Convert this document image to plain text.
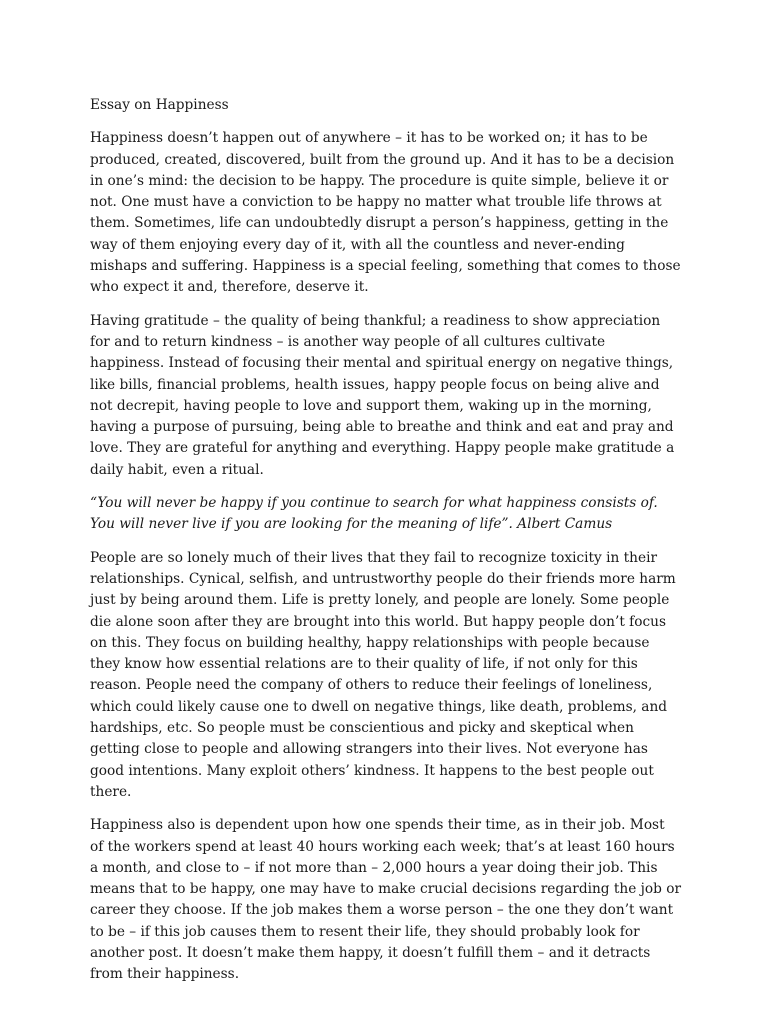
Essay on Happiness

Happiness doesn’t happen out of anywhere – it has to be worked on; it has to be produced, created, discovered, built from the ground up. And it has to be a decision in one’s mind: the decision to be happy. The procedure is quite simple, believe it or not. One must have a conviction to be happy no matter what trouble life throws at them. Sometimes, life can undoubtedly disrupt a person’s happiness, getting in the way of them enjoying every day of it, with all the countless and never-ending mishaps and suffering. Happiness is a special feeling, something that comes to those who expect it and, therefore, deserve it.

Having gratitude – the quality of being thankful; a readiness to show appreciation for and to return kindness – is another way people of all cultures cultivate happiness. Instead of focusing their mental and spiritual energy on negative things, like bills, financial problems, health issues, happy people focus on being alive and not decrepit, having people to love and support them, waking up in the morning, having a purpose of pursuing, being able to breathe and think and eat and pray and love. They are grateful for anything and everything. Happy people make gratitude a daily habit, even a ritual.

“You will never be happy if you continue to search for what happiness consists of. You will never live if you are looking for the meaning of life”. Albert Camus

People are so lonely much of their lives that they fail to recognize toxicity in their relationships. Cynical, selfish, and untrustworthy people do their friends more harm just by being around them. Life is pretty lonely, and people are lonely. Some people die alone soon after they are brought into this world. But happy people don’t focus on this. They focus on building healthy, happy relationships with people because they know how essential relations are to their quality of life, if not only for this reason. People need the company of others to reduce their feelings of loneliness, which could likely cause one to dwell on negative things, like death, problems, and hardships, etc. So people must be conscientious and picky and skeptical when getting close to people and allowing strangers into their lives. Not everyone has good intentions. Many exploit others’ kindness. It happens to the best people out there.

Happiness also is dependent upon how one spends their time, as in their job. Most of the workers spend at least 40 hours working each week; that’s at least 160 hours a month, and close to – if not more than – 2,000 hours a year doing their job. This means that to be happy, one may have to make crucial decisions regarding the job or career they choose. If the job makes them a worse person – the one they don’t want to be – if this job causes them to resent their life, they should probably look for another post. It doesn’t make them happy, it doesn’t fulfill them – and it detracts from their happiness.
